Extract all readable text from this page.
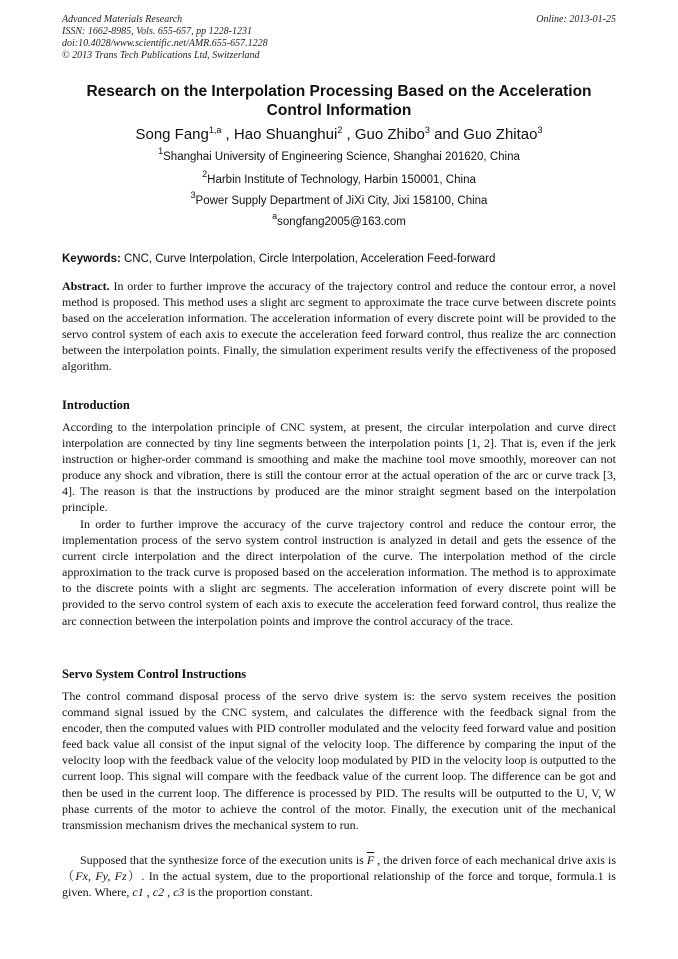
Advanced Materials Research
ISSN: 1662-8985, Vols. 655-657, pp 1228-1231
doi:10.4028/www.scientific.net/AMR.655-657.1228
© 2013 Trans Tech Publications Ltd, Switzerland
Online: 2013-01-25
Research on the Interpolation Processing Based on the Acceleration
Control Information
Song Fang$^{1,a}$ , Hao Shuanghui$^2$ , Guo Zhibo$^3$ and Guo Zhitao$^3$
$^1$Shanghai University of Engineering Science, Shanghai 201620, China
$^2$Harbin Institute of Technology, Harbin 150001, China
$^3$Power Supply Department of JiXi City, Jixi 158100, China
$^a$songfang2005@163.com
Keywords: CNC, Curve Interpolation, Circle Interpolation, Acceleration Feed-forward
Abstract. In order to further improve the accuracy of the trajectory control and reduce the contour error, a novel method is proposed. This method uses a slight arc segment to approximate the trace curve between discrete points based on the acceleration information. The acceleration information of every discrete point will be provided to the servo control system of each axis to execute the acceleration feed forward control, thus realize the arc connection between the interpolation points. Finally, the simulation experiment results verify the effectiveness of the proposed algorithm.
Introduction
According to the interpolation principle of CNC system, at present, the circular interpolation and curve direct interpolation are connected by tiny line segments between the interpolation points [1, 2]. That is, even if the jerk instruction or higher-order command is smoothing and make the machine tool move smoothly, moreover can not produce any shock and vibration, there is still the contour error at the actual operation of the arc or curve track [3, 4]. The reason is that the instructions by produced are the minor straight segment based on the interpolation principle.
In order to further improve the accuracy of the curve trajectory control and reduce the contour error, the implementation process of the servo system control instruction is analyzed in detail and gets the essence of the current circle interpolation and the direct interpolation of the curve. The interpolation method of the circle approximation to the track curve is proposed based on the acceleration information. The method is to approximate to the discrete points with a slight arc segments. The acceleration information of every discrete point will be provided to the servo control system of each axis to execute the acceleration feed forward control, thus realize the arc connection between the interpolation points and improve the control accuracy of the trace.
Servo System Control Instructions
The control command disposal process of the servo drive system is: the servo system receives the position command signal issued by the CNC system, and calculates the difference with the feedback signal from the encoder, then the computed values with PID controller modulated and the velocity feed forward value and position feed back value all consist of the input signal of the velocity loop. The difference by comparing the input of the velocity loop with the feedback value of the velocity loop modulated by PID in the velocity loop is outputted to the current loop. This signal will compare with the feedback value of the current loop. The difference can be got and then be used in the current loop. The difference is processed by PID. The results will be outputted to the U, V, W phase currents of the motor to achieve the control of the motor. Finally, the execution unit of the mechanical transmission mechanism drives the mechanical system to run.
Supposed that the synthesize force of the execution units is $\overline{F}$ , the driven force of each mechanical drive axis is（Fx, Fy, Fz）. In the actual system, due to the proportional relationship of the force and torque, formula.1 is given. Where, c1 , c2 , c3 is the proportion constant.
